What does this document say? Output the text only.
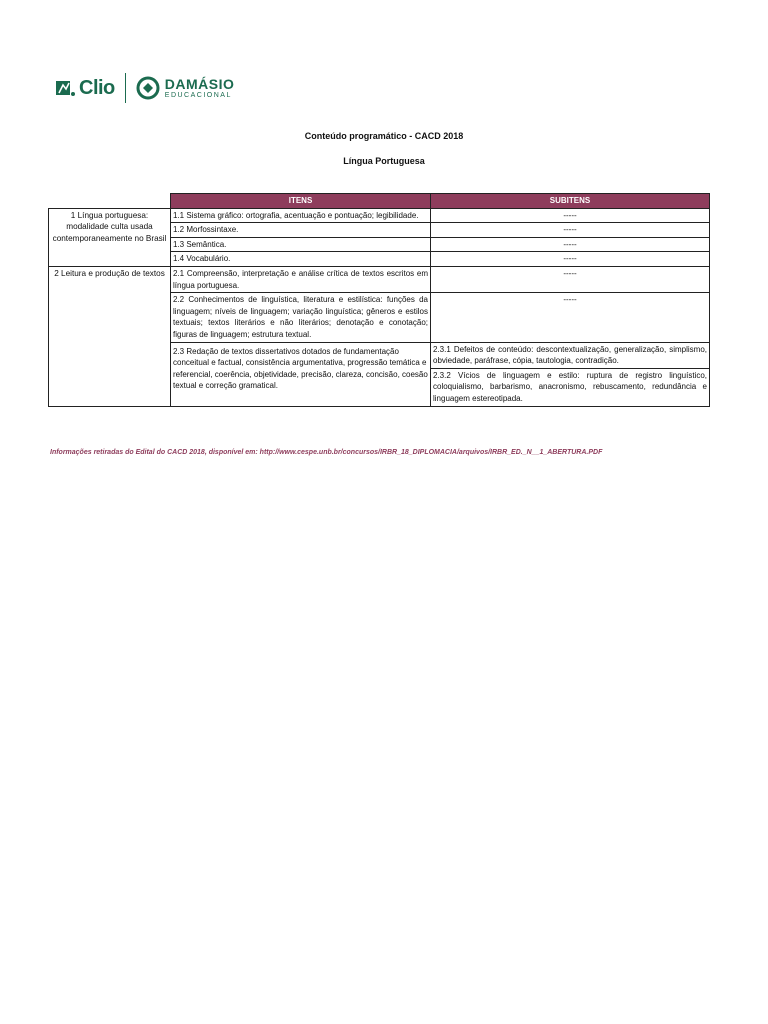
Clio	DAMÁSIO
EDUCACIONAL
Conteúdo programático - CACD 2018
Língua Portuguesa
	ITENS	SUBITENS
1 Língua portuguesa: modalidade culta usada contemporaneamente no Brasil	1.1 Sistema gráfico: ortografia, acentuação e pontuação; legibilidade.	-----
	1.2 Morfossintaxe.	-----
	1.3 Semântica.	-----
	1.4 Vocabulário.	-----
2 Leitura e produção de textos	2.1 Compreensão, interpretação e análise crítica de textos escritos em língua portuguesa.	-----
	2.2 Conhecimentos de linguística, literatura e estilística: funções da linguagem; níveis de linguagem; variação linguística; gêneros e estilos textuais; textos literários e não literários; denotação e conotação; figuras de linguagem; estrutura textual.	-----
	2.3 Redação de textos dissertativos dotados de fundamentação conceitual e factual, consistência argumentativa, progressão temática e referencial, coerência, objetividade, precisão, clareza, concisão, coesão textual e correção gramatical.	2.3.1 Defeitos de conteúdo: descontextualização, generalização, simplismo, obviedade, paráfrase, cópia, tautologia, contradição.
		2.3.2 Vícios de linguagem e estilo: ruptura de registro linguístico, coloquialismo, barbarismo, anacronismo, rebuscamento, redundância e linguagem estereotipada.
Informações retiradas do Edital do CACD 2018, disponível em: http://www.cespe.unb.br/concursos/IRBR_18_DIPLOMACIA/arquivos/IRBR_ED._N__1_ABERTURA.PDF
